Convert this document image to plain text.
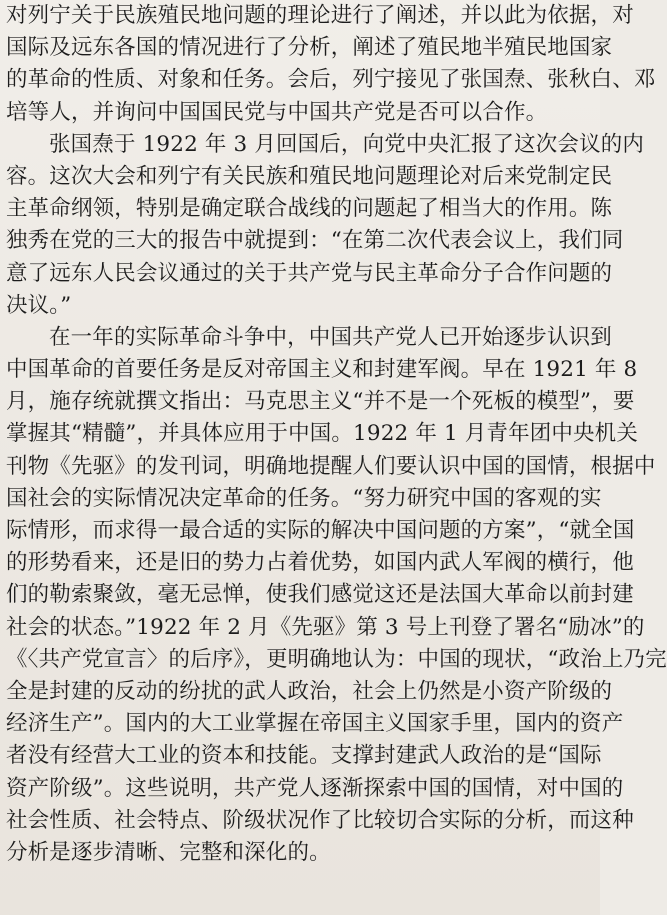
对列宁关于民族殖民地问题的理论进行了阐述，并以此为依据，对
国际及远东各国的情况进行了分析，阐述了殖民地半殖民地国家
的革命的性质、对象和任务。会后，列宁接见了张国焘、张秋白、邓
培等人，并询问中国国民党与中国共产党是否可以合作。
张国焘于 1922 年 3 月回国后，向党中央汇报了这次会议的内
容。这次大会和列宁有关民族和殖民地问题理论对后来党制定民
主革命纲领，特别是确定联合战线的问题起了相当大的作用。陈
独秀在党的三大的报告中就提到：“在第二次代表会议上，我们同
意了远东人民会议通过的关于共产党与民主革命分子合作问题的
决议。”
在一年的实际革命斗争中，中国共产党人已开始逐步认识到
中国革命的首要任务是反对帝国主义和封建军阀。早在 1921 年 8
月，施存统就撰文指出：马克思主义“并不是一个死板的模型”，要
掌握其“精髓”，并具体应用于中国。1922 年 1 月青年团中央机关
刊物《先驱》的发刊词，明确地提醒人们要认识中国的国情，根据中
国社会的实际情况决定革命的任务。“努力研究中国的客观的实
际情形，而求得一最合适的实际的解决中国问题的方案”，“就全国
的形势看来，还是旧的势力占着优势，如国内武人军阀的横行，他
们的勒索聚敛，毫无忌惮，使我们感觉这还是法国大革命以前封建
社会的状态。”1922 年 2 月《先驱》第 3 号上刊登了署名“励冰”的
《〈共产党宣言〉的后序》，更明确地认为：中国的现状，“政治上乃完
全是封建的反动的纷扰的武人政治，社会上仍然是小资产阶级的
经济生产”。国内的大工业掌握在帝国主义国家手里，国内的资产
者没有经营大工业的资本和技能。支撑封建武人政治的是“国际
资产阶级”。这些说明，共产党人逐渐探索中国的国情，对中国的
社会性质、社会特点、阶级状况作了比较切合实际的分析，而这种
分析是逐步清晰、完整和深化的。
